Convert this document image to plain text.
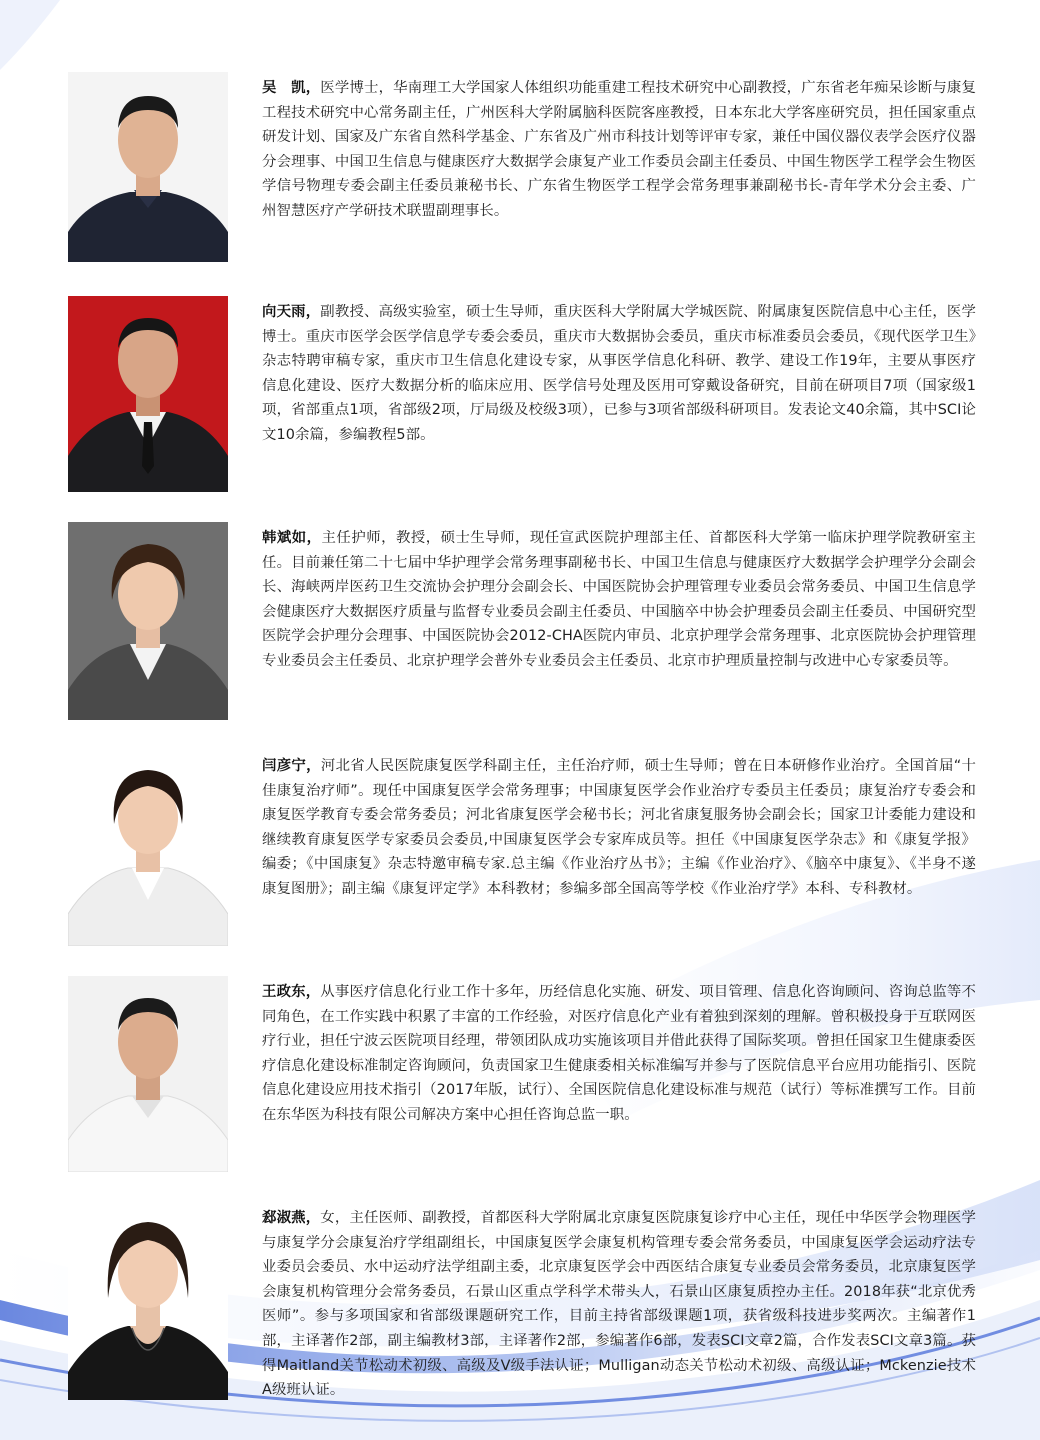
吴　凯，医学博士，华南理工大学国家人体组织功能重建工程技术研究中心副教授，广东省老年痴呆诊断与康复工程技术研究中心常务副主任，广州医科大学附属脑科医院客座教授，日本东北大学客座研究员，担任国家重点研发计划、国家及广东省自然科学基金、广东省及广州市科技计划等评审专家，兼任中国仪器仪表学会医疗仪器分会理事、中国卫生信息与健康医疗大数据学会康复产业工作委员会副主任委员、中国生物医学工程学会生物医学信号物理专委会副主任委员兼秘书长、广东省生物医学工程学会常务理事兼副秘书长-青年学术分会主委、广州智慧医疗产学研技术联盟副理事长。

向天雨，副教授、高级实验室，硕士生导师，重庆医科大学附属大学城医院、附属康复医院信息中心主任，医学博士。重庆市医学会医学信息学专委会委员，重庆市大数据协会委员，重庆市标准委员会委员，《现代医学卫生》杂志特聘审稿专家，重庆市卫生信息化建设专家，从事医学信息化科研、教学、建设工作19年，主要从事医疗信息化建设、医疗大数据分析的临床应用、医学信号处理及医用可穿戴设备研究，目前在研项目7项（国家级1项，省部重点1项，省部级2项，厅局级及校级3项），已参与3项省部级科研项目。发表论文40余篇，其中SCI论文10余篇，参编教程5部。

韩斌如，主任护师，教授，硕士生导师，现任宣武医院护理部主任、首都医科大学第一临床护理学院教研室主任。目前兼任第二十七届中华护理学会常务理事副秘书长、中国卫生信息与健康医疗大数据学会护理学分会副会长、海峡两岸医药卫生交流协会护理分会副会长、中国医院协会护理管理专业委员会常务委员、中国卫生信息学会健康医疗大数据医疗质量与监督专业委员会副主任委员、中国脑卒中协会护理委员会副主任委员、中国研究型医院学会护理分会理事、中国医院协会2012-CHA医院内审员、北京护理学会常务理事、北京医院协会护理管理专业委员会主任委员、北京护理学会普外专业委员会主任委员、北京市护理质量控制与改进中心专家委员等。

闫彦宁，河北省人民医院康复医学科副主任，主任治疗师，硕士生导师；曾在日本研修作业治疗。全国首届“十佳康复治疗师”。现任中国康复医学会常务理事；中国康复医学会作业治疗专委员主任委员；康复治疗专委会和康复医学教育专委会常务委员；河北省康复医学会秘书长；河北省康复服务协会副会长；国家卫计委能力建设和继续教育康复医学专家委员会委员,中国康复医学会专家库成员等。担任《中国康复医学杂志》和《康复学报》编委；《中国康复》杂志特邀审稿专家.总主编《作业治疗丛书》；主编《作业治疗》、《脑卒中康复》、《半身不遂康复图册》；副主编《康复评定学》本科教材；参编多部全国高等学校《作业治疗学》本科、专科教材。

王政东，从事医疗信息化行业工作十多年，历经信息化实施、研发、项目管理、信息化咨询顾问、咨询总监等不同角色，在工作实践中积累了丰富的工作经验，对医疗信息化产业有着独到深刻的理解。曾积极投身于互联网医疗行业，担任宁波云医院项目经理，带领团队成功实施该项目并借此获得了国际奖项。曾担任国家卫生健康委医疗信息化建设标准制定咨询顾问，负责国家卫生健康委相关标准编写并参与了医院信息平台应用功能指引、医院信息化建设应用技术指引（2017年版，试行）、全国医院信息化建设标准与规范（试行）等标准撰写工作。目前在东华医为科技有限公司解决方案中心担任咨询总监一职。

郄淑燕，女，主任医师、副教授，首都医科大学附属北京康复医院康复诊疗中心主任，现任中华医学会物理医学与康复学分会康复治疗学组副组长，中国康复医学会康复机构管理专委会常务委员，中国康复医学会运动疗法专业委员会委员、水中运动疗法学组副主委，北京康复医学会中西医结合康复专业委员会常务委员，北京康复医学会康复机构管理分会常务委员，石景山区重点学科学术带头人，石景山区康复质控办主任。2018年获“北京优秀医师”。参与多项国家和省部级课题研究工作，目前主持省部级课题1项，获省级科技进步奖两次。主编著作1部，主译著作2部，副主编教材3部，主译著作2部，参编著作6部，发表SCI文章2篇，合作发表SCI文章3篇。获得Maitland关节松动术初级、高级及V级手法认证；Mulligan动态关节松动术初级、高级认证；Mckenzie技术A级班认证。
